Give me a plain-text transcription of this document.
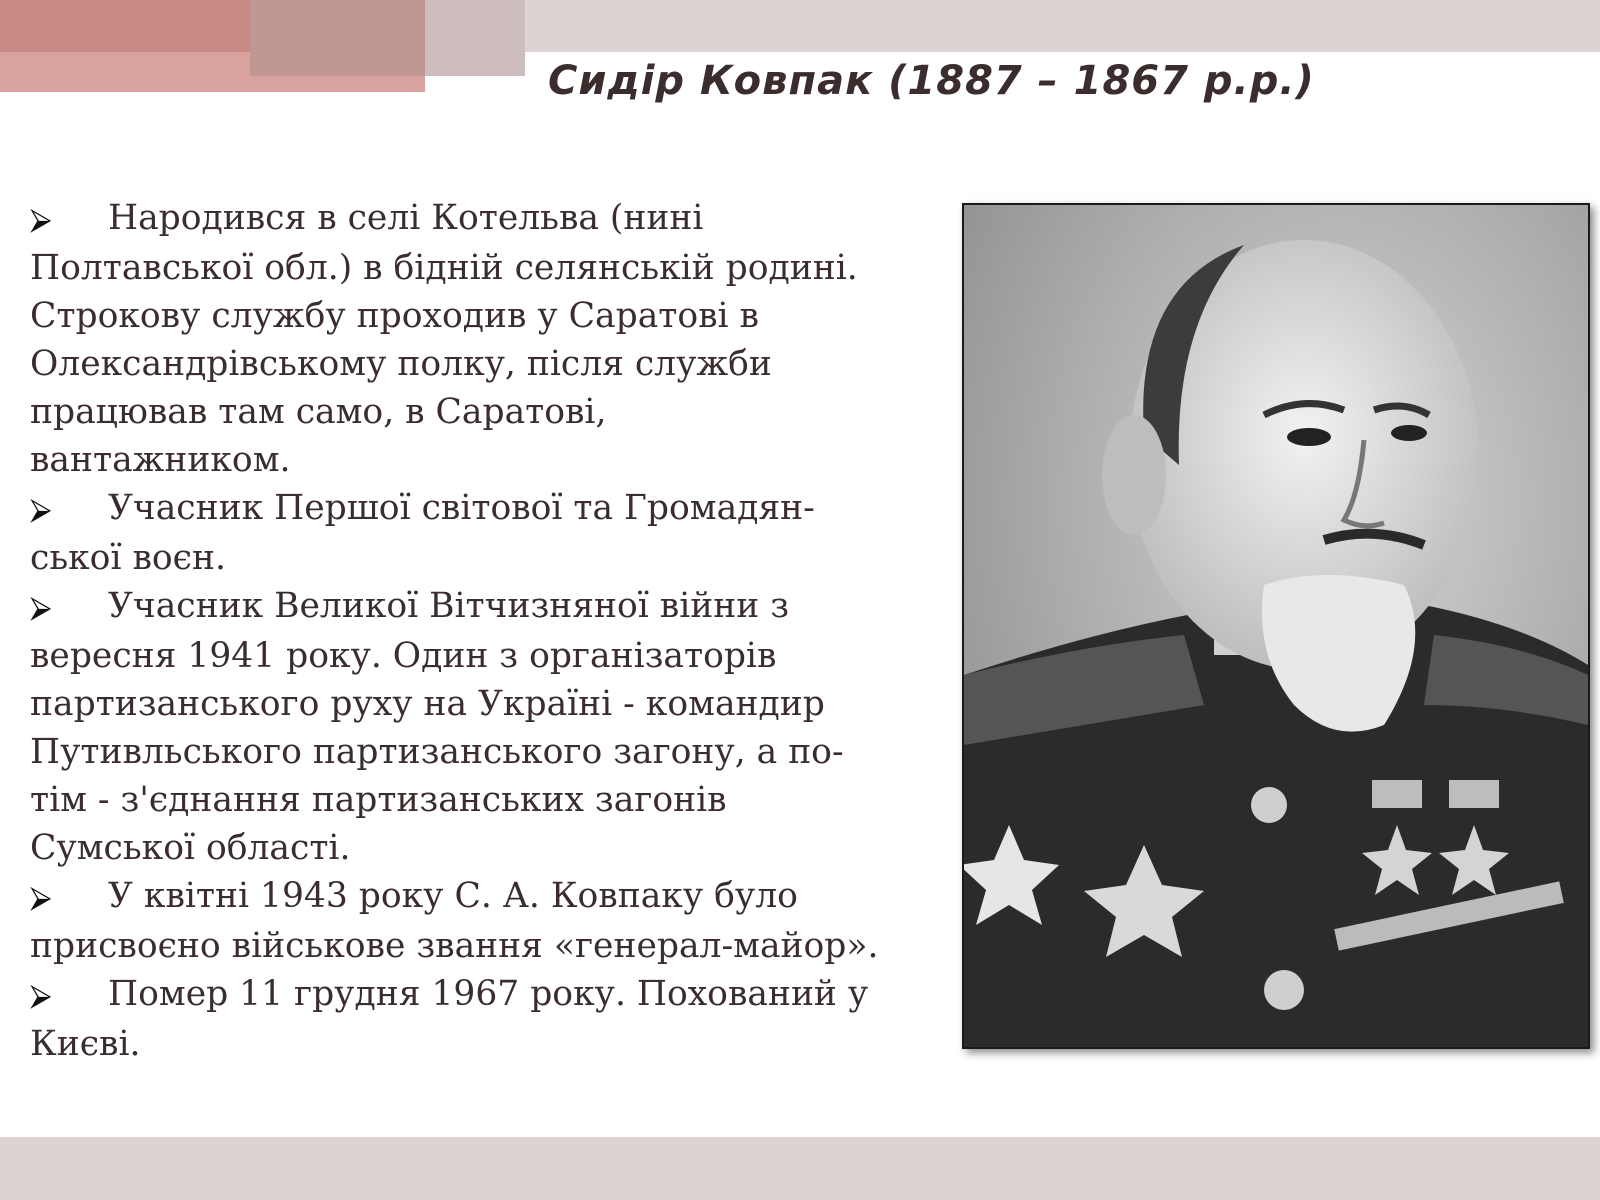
Сидір Ковпак (1887 – 1867 р.р.)

⮚ Народився в селі Котельва (нині
Полтавської обл.) в бідній селянській родині.
Строкову службу проходив у Саратові в
Олександрівському полку, після служби
працював там само, в Саратові,
вантажником.

⮚ Учасник Першої світової та Громадян-
ської воєн.

⮚ Учасник Великої Вітчизняної війни з
вересня 1941 року. Один з організаторів
партизанського руху на Україні - командир
Путивльського партизанського загону, а по-
тім - з'єднання партизанських загонів
Сумської області.

⮚ У квітні 1943 року С. А. Ковпаку було
присвоєно військове звання «генерал-майор».

⮚ Помер 11 грудня 1967 року. Похований у
Києві.
